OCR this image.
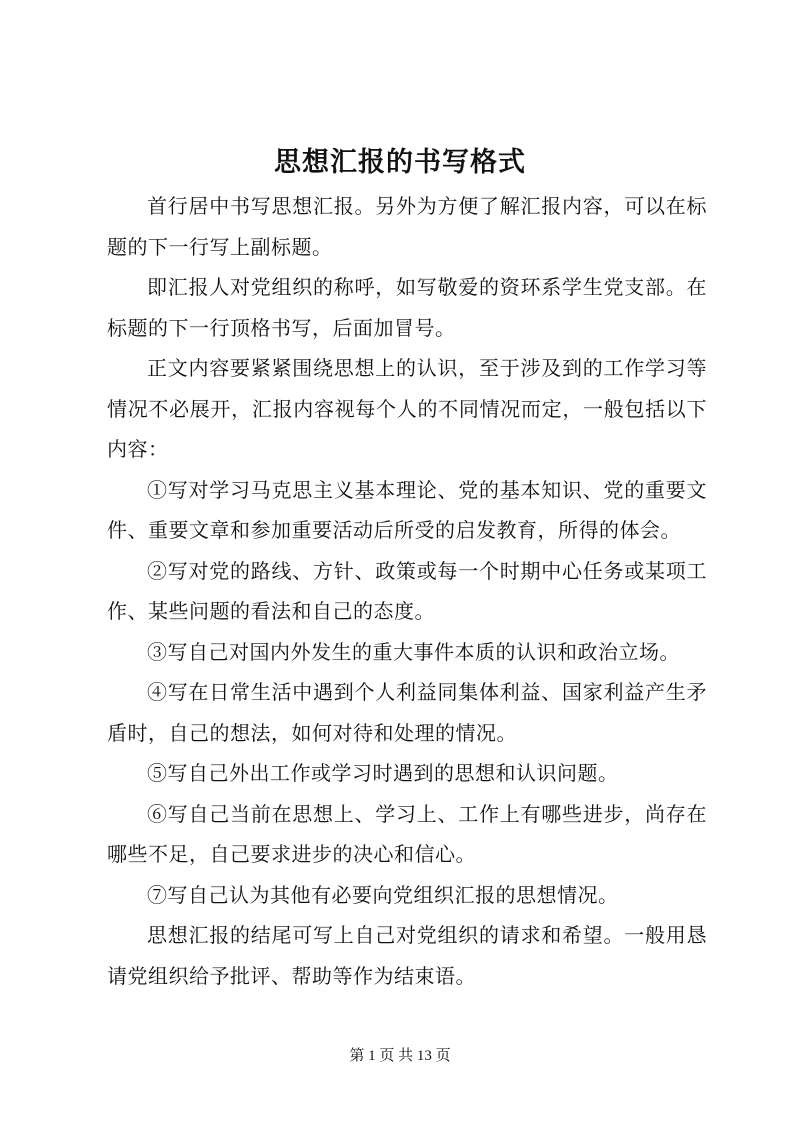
思想汇报的书写格式

首行居中书写思想汇报。另外为方便了解汇报内容，可以在标题的下一行写上副标题。

即汇报人对党组织的称呼，如写敬爱的资环系学生党支部。在标题的下一行顶格书写，后面加冒号。

正文内容要紧紧围绕思想上的认识，至于涉及到的工作学习等情况不必展开，汇报内容视每个人的不同情况而定，一般包括以下内容：

①写对学习马克思主义基本理论、党的基本知识、党的重要文件、重要文章和参加重要活动后所受的启发教育，所得的体会。

②写对党的路线、方针、政策或每一个时期中心任务或某项工作、某些问题的看法和自己的态度。

③写自己对国内外发生的重大事件本质的认识和政治立场。

④写在日常生活中遇到个人利益同集体利益、国家利益产生矛盾时，自己的想法，如何对待和处理的情况。

⑤写自己外出工作或学习时遇到的思想和认识问题。

⑥写自己当前在思想上、学习上、工作上有哪些进步，尚存在哪些不足，自己要求进步的决心和信心。

⑦写自己认为其他有必要向党组织汇报的思想情况。

思想汇报的结尾可写上自己对党组织的请求和希望。一般用恳请党组织给予批评、帮助等作为结束语。

第 1 页 共 13 页
